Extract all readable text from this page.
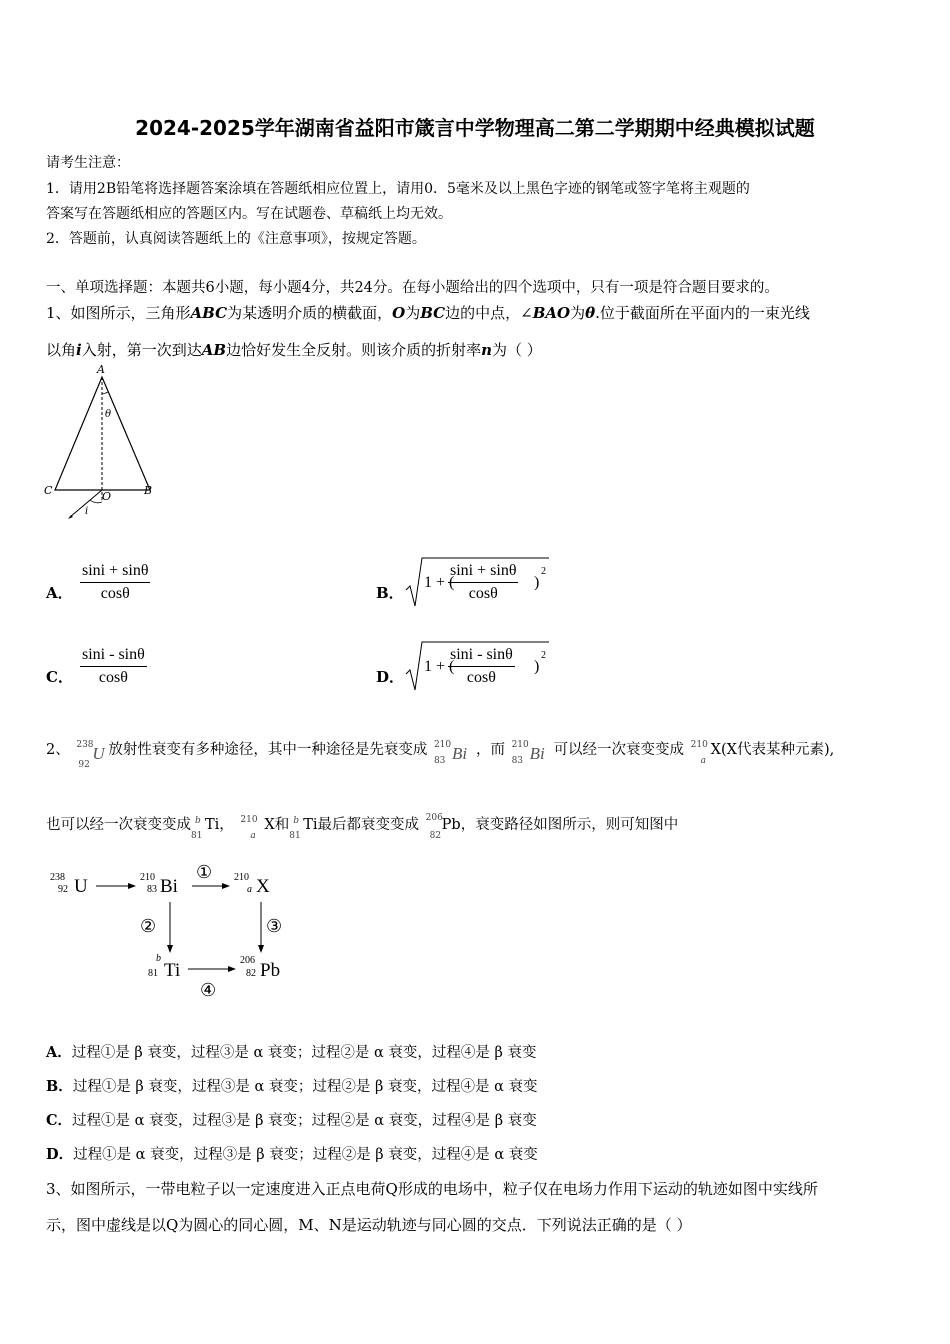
2024-2025学年湖南省益阳市箴言中学物理高二第二学期期中经典模拟试题
请考生注意：
1．请用2B铅笔将选择题答案涂填在答题纸相应位置上，请用0．5毫米及以上黑色字迹的钢笔或签字笔将主观题的
答案写在答题纸相应的答题区内。写在试题卷、草稿纸上均无效。
2．答题前，认真阅读答题纸上的《注意事项》，按规定答题。
一、单项选择题：本题共6小题，每小题4分，共24分。在每小题给出的四个选项中，只有一项是符合题目要求的。
1、如图所示，三角形ABC为某透明介质的横截面，O为BC边的中点，∠BAO为θ.位于截面所在平面内的一束光线
以角i入射，第一次到达AB边恰好发生全反射。则该介质的折射率n为（ ）
A
C	B
O
θ
i
A． $\frac{\sin i + \sin\theta}{\cos\theta}$	B．
1 + (
$\frac{\sin i + \sin\theta}{\cos\theta}$ )
2
C． $\frac{\sin i - \sin\theta}{\cos\theta}$	D．
1 + (
$\frac{\sin i - \sin\theta}{\cos\theta}$ )
2
2、 238
92
U 放射性衰变有多种途径，其中一种途径是先衰变成 210
83 Bi ，而 210
83 Bi 可以经一次衰变变成 210
a
X(X代表某种元素),
也可以经一次衰变变成 b
81
Ti， 210
a
X和 b
81
Ti最后都衰变变成 206
82
Pb，衰变路径如图所示，则可知图中
238
92 U	210
83 Bi
① 210
a X
②	③
b
81 Ti
④
206
82 Pb
A．过程①是 β 衰变，过程③是 α 衰变；过程②是 α 衰变，过程④是 β 衰变
B．过程①是 β 衰变，过程③是 α 衰变；过程②是 β 衰变，过程④是 α 衰变
C．过程①是 α 衰变，过程③是 β 衰变；过程②是 α 衰变，过程④是 β 衰变
D．过程①是 α 衰变，过程③是 β 衰变；过程②是 β 衰变，过程④是 α 衰变
3、如图所示，一带电粒子以一定速度进入正点电荷Q形成的电场中，粒子仅在电场力作用下运动的轨迹如图中实线所
示，图中虚线是以Q为圆心的同心圆，M、N是运动轨迹与同心圆的交点．下列说法正确的是（ ）
